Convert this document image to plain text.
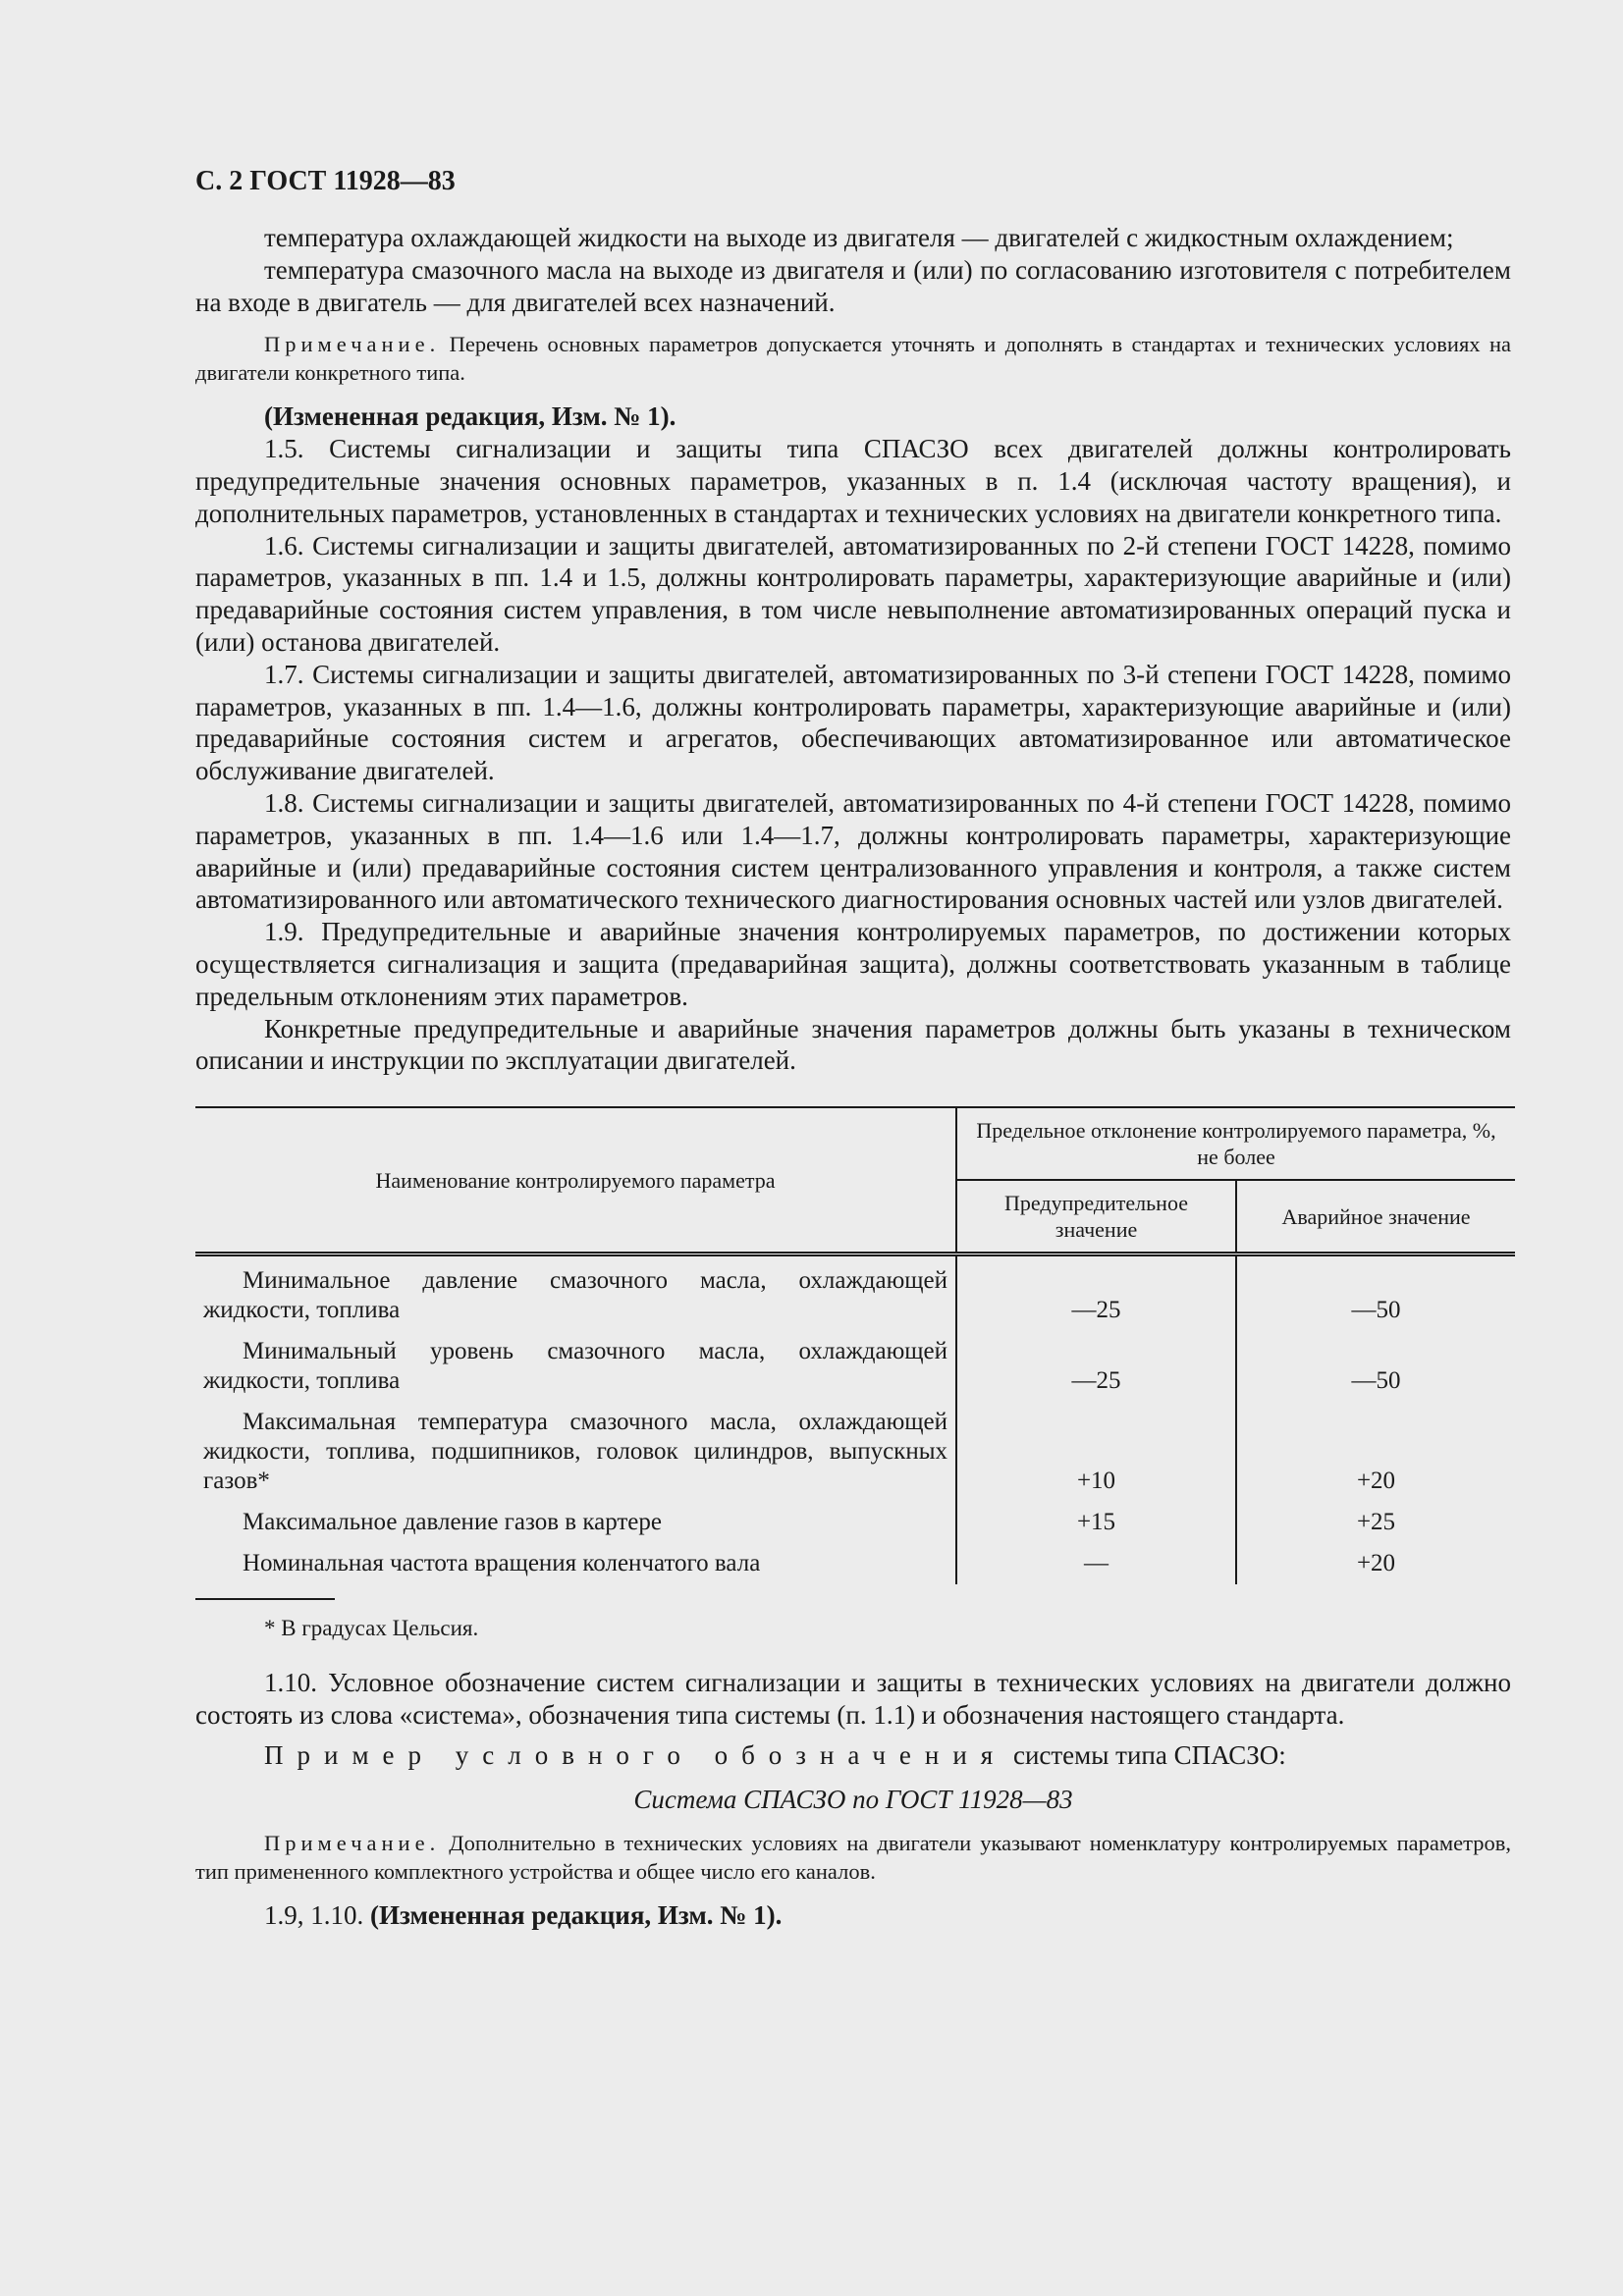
С. 2 ГОСТ 11928—83

температура охлаждающей жидкости на выходе из двигателя — двигателей с жидкостным охлаждением;

температура смазочного масла на выходе из двигателя и (или) по согласованию изготовителя с потребителем на входе в двигатель — для двигателей всех назначений.

Примечание. Перечень основных параметров допускается уточнять и дополнять в стандартах и технических условиях на двигатели конкретного типа.

(Измененная редакция, Изм. № 1).

1.5. Системы сигнализации и защиты типа СПАСЗО всех двигателей должны контролировать предупредительные значения основных параметров, указанных в п. 1.4 (исключая частоту вращения), и дополнительных параметров, установленных в стандартах и технических условиях на двигатели конкретного типа.

1.6. Системы сигнализации и защиты двигателей, автоматизированных по 2-й степени ГОСТ 14228, помимо параметров, указанных в пп. 1.4 и 1.5, должны контролировать параметры, характеризующие аварийные и (или) предаварийные состояния систем управления, в том числе невыполнение автоматизированных операций пуска и (или) останова двигателей.

1.7. Системы сигнализации и защиты двигателей, автоматизированных по 3-й степени ГОСТ 14228, помимо параметров, указанных в пп. 1.4—1.6, должны контролировать параметры, характеризующие аварийные и (или) предаварийные состояния систем и агрегатов, обеспечивающих автоматизированное или автоматическое обслуживание двигателей.

1.8. Системы сигнализации и защиты двигателей, автоматизированных по 4-й степени ГОСТ 14228, помимо параметров, указанных в пп. 1.4—1.6 или 1.4—1.7, должны контролировать параметры, характеризующие аварийные и (или) предаварийные состояния систем централизованного управления и контроля, а также систем автоматизированного или автоматического технического диагностирования основных частей или узлов двигателей.

1.9. Предупредительные и аварийные значения контролируемых параметров, по достижении которых осуществляется сигнализация и защита (предаварийная защита), должны соответствовать указанным в таблице предельным отклонениям этих параметров.

Конкретные предупредительные и аварийные значения параметров должны быть указаны в техническом описании и инструкции по эксплуатации двигателей.

Наименование контролируемого параметра	Предельное отклонение контролируемого параметра, %, не более	
	Предупредительное значение	Аварийное значение

Минимальное давление смазочного масла, охлаждающей жидкости, топлива	—25	—50

Минимальный уровень смазочного масла, охлаждающей жидкости, топлива	—25	—50

Максимальная температура смазочного масла, охлаждающей жидкости, топлива, подшипников, головок цилиндров, выпускных газов*	+10	+20

Максимальное давление газов в картере	+15	+25

Номинальная частота вращения коленчатого вала	—	+20

* В градусах Цельсия.

1.10. Условное обозначение систем сигнализации и защиты в технических условиях на двигатели должно состоять из слова «система», обозначения типа системы (п. 1.1) и обозначения настоящего стандарта.

Пример условного обозначения системы типа СПАСЗО:

Система СПАСЗО по ГОСТ 11928—83

Примечание. Дополнительно в технических условиях на двигатели указывают номенклатуру контролируемых параметров, тип примененного комплектного устройства и общее число его каналов.

1.9, 1.10. (Измененная редакция, Изм. № 1).
